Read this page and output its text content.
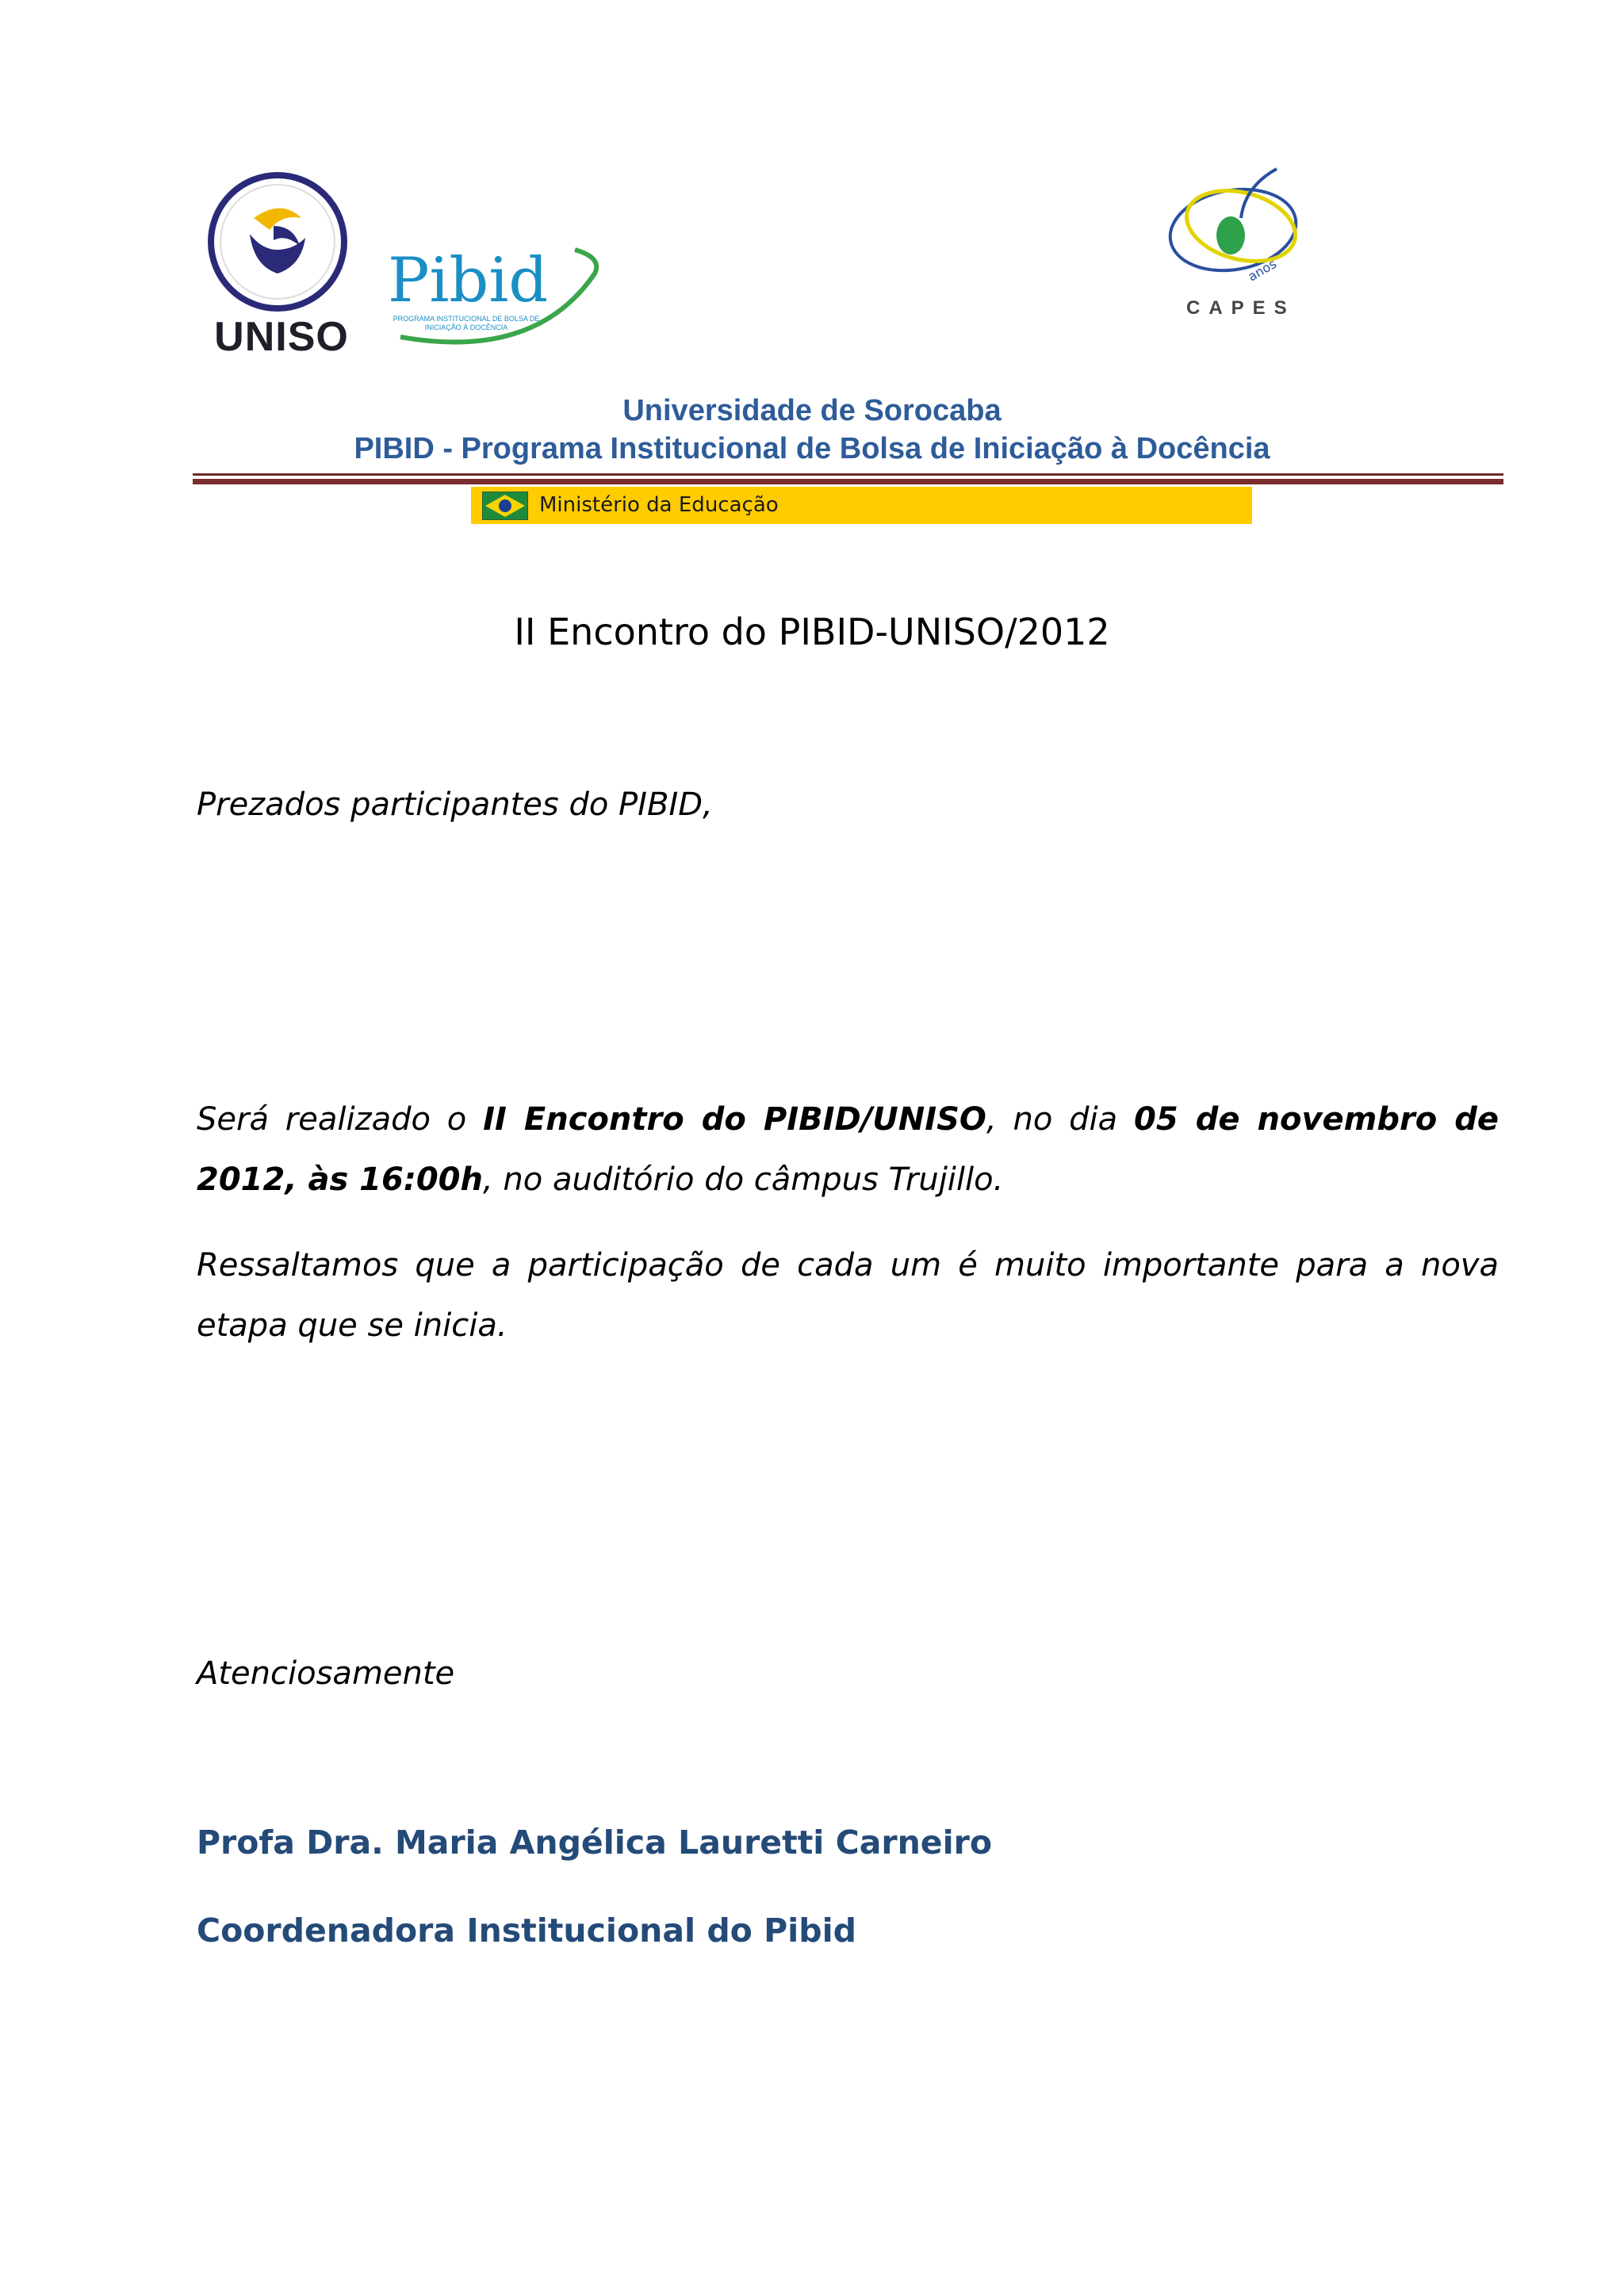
UNISO
Pibid
PROGRAMA INSTITUCIONAL DE BOLSA DE INICIAÇÃO À DOCÊNCIA
anos
CAPES
Universidade de Sorocaba
PIBID - Programa Institucional de Bolsa de Iniciação à Docência
Ministério da Educação
II Encontro do PIBID-UNISO/2012
Prezados participantes do PIBID,
Será realizado o II Encontro do PIBID/UNISO, no dia 05 de novembro de 2012, às 16:00h, no auditório do câmpus Trujillo.
Ressaltamos que a participação de cada um é muito importante para a nova etapa que se inicia.
Atenciosamente
Profa Dra. Maria Angélica Lauretti Carneiro
Coordenadora Institucional do Pibid
